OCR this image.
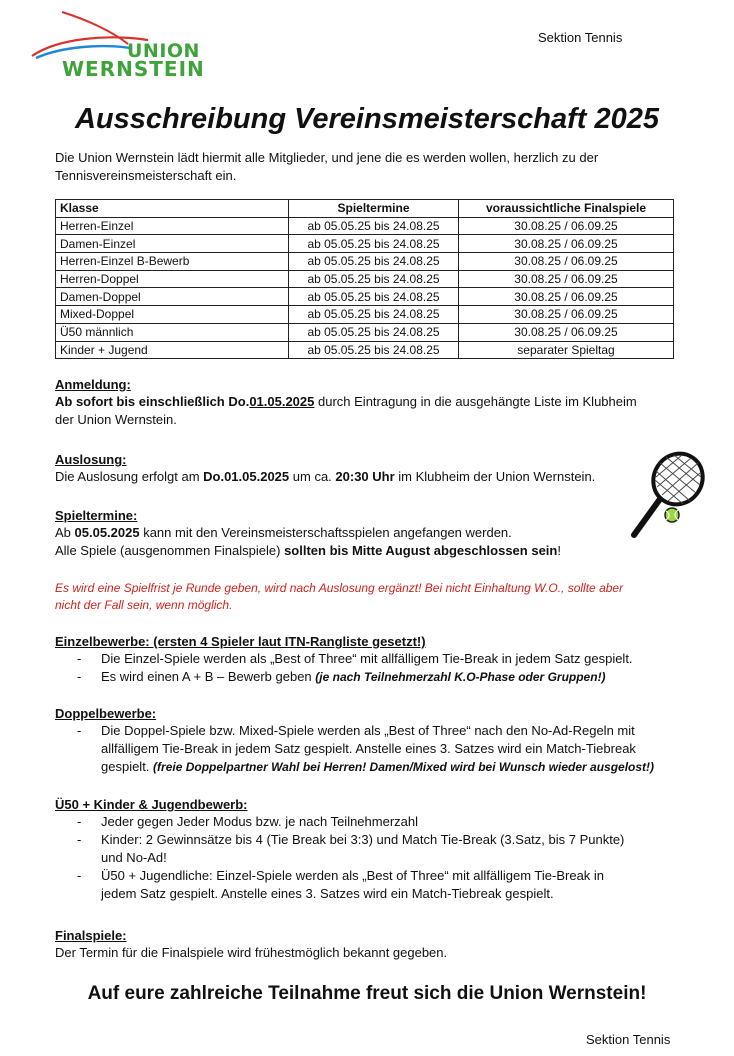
UNION
WERNSTEIN
Sektion Tennis
Ausschreibung Vereinsmeisterschaft 2025
Die Union Wernstein lädt hiermit alle Mitglieder, und jene die es werden wollen, herzlich zu der Tennisvereinsmeisterschaft ein.
Klasse	Spieltermine	voraussichtliche Finalspiele
Herren-Einzel	ab 05.05.25 bis 24.08.25	30.08.25 / 06.09.25
Damen-Einzel	ab 05.05.25 bis 24.08.25	30.08.25 / 06.09.25
Herren-Einzel B-Bewerb	ab 05.05.25 bis 24.08.25	30.08.25 / 06.09.25
Herren-Doppel	ab 05.05.25 bis 24.08.25	30.08.25 / 06.09.25
Damen-Doppel	ab 05.05.25 bis 24.08.25	30.08.25 / 06.09.25
Mixed-Doppel	ab 05.05.25 bis 24.08.25	30.08.25 / 06.09.25
Ü50 männlich	ab 05.05.25 bis 24.08.25	30.08.25 / 06.09.25
Kinder + Jugend	ab 05.05.25 bis 24.08.25	separater Spieltag
Anmeldung:
Ab sofort bis einschließlich Do.01.05.2025 durch Eintragung in die ausgehängte Liste im Klubheim
der Union Wernstein.
Auslosung:
Die Auslosung erfolgt am Do.01.05.2025 um ca. 20:30 Uhr im Klubheim der Union Wernstein.
Spieltermine:
Ab 05.05.2025 kann mit den Vereinsmeisterschaftsspielen angefangen werden.
Alle Spiele (ausgenommen Finalspiele) sollten bis Mitte August abgeschlossen sein!
Es wird eine Spielfrist je Runde geben, wird nach Auslosung ergänzt! Bei nicht Einhaltung W.O., sollte aber
nicht der Fall sein, wenn möglich.
Einzelbewerbe: (ersten 4 Spieler laut ITN-Rangliste gesetzt!)
- Die Einzel-Spiele werden als „Best of Three“ mit allfälligem Tie-Break in jedem Satz gespielt.
- Es wird einen A + B – Bewerb geben (je nach Teilnehmerzahl K.O-Phase oder Gruppen!)
Doppelbewerbe:
- Die Doppel-Spiele bzw. Mixed-Spiele werden als „Best of Three“ nach den No-Ad-Regeln mit
allfälligem Tie-Break in jedem Satz gespielt. Anstelle eines 3. Satzes wird ein Match-Tiebreak
gespielt. (freie Doppelpartner Wahl bei Herren! Damen/Mixed wird bei Wunsch wieder ausgelost!)
Ü50 + Kinder & Jugendbewerb:
- Jeder gegen Jeder Modus bzw. je nach Teilnehmerzahl
- Kinder: 2 Gewinnsätze bis 4 (Tie Break bei 3:3) und Match Tie-Break (3.Satz, bis 7 Punkte)
und No-Ad!
- Ü50 + Jugendliche: Einzel-Spiele werden als „Best of Three“ mit allfälligem Tie-Break in
jedem Satz gespielt. Anstelle eines 3. Satzes wird ein Match-Tiebreak gespielt.
Finalspiele:
Der Termin für die Finalspiele wird frühestmöglich bekannt gegeben.
Auf eure zahlreiche Teilnahme freut sich die Union Wernstein!
Sektion Tennis
